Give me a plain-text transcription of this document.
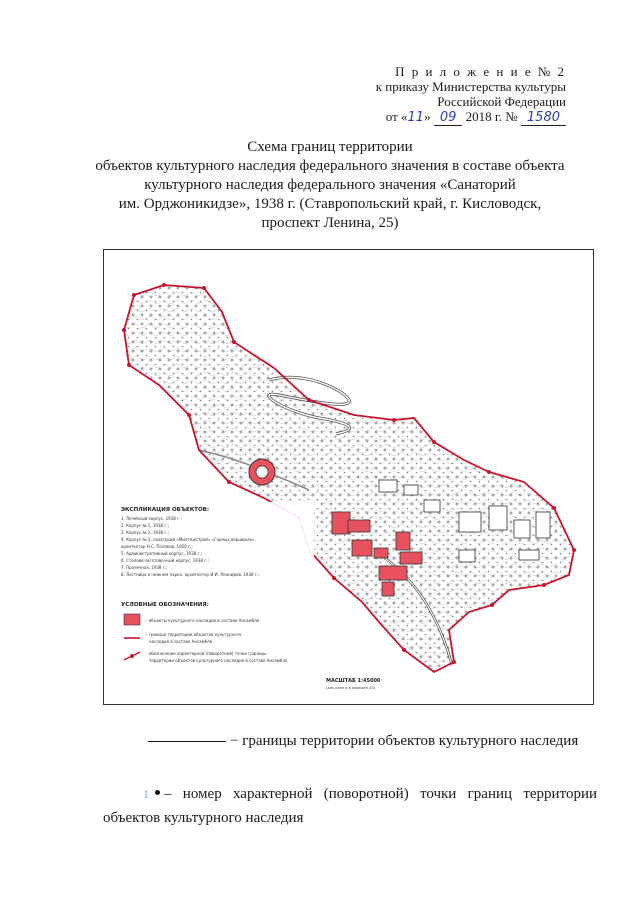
П р и л о ж е н и е № 2
к приказу Министерства культуры
Российской Федерации
от «11» 09 2018 г. № 1580
Схема границ территории
объектов культурного наследия федерального значения в составе объекта
культурного наследия федерального значения «Санаторий
им. Орджоникидзе», 1938 г. (Ставропольский край, г. Кисловодск,
проспект Ленина, 25)
ЭКСПЛИКАЦИЯ ОБЪЕКТОВ:
1. Лечебный корпус, 1938 г.;
2. Корпус № 1, 1938 г.;
3. Корпус № 2, 1938 г.;
4. Корпус № 3, санаторий «Минтяжстрой» «Горных вершинах»,
архитектор Н.С. Поляков, 1950 г.;
5. Административный корпус, 1938 г.;
6. Столово-заготовочный корпус, 1938 г.;
7. Прачечная, 1938 г.;
8. Лестница в нижнем парке, архитектор И.И. Леонидов, 1938 г.;
УСЛОВНЫЕ ОБОЗНАЧЕНИЯ:
- объекты культурного наследия в составе Ансамбля
- граница территории объектов культурного
наследия в составе Ансамбля
- обозначение характерной (поворотной) точки границы
территории объектов культурного наследия в составе Ансамбля
МАСШТАБ 1:45000
(для схем и в формате А3)
− границы территории объектов культурного наследия
1 – номер характерной (поворотной) точки границ территории
объектов культурного наследия
